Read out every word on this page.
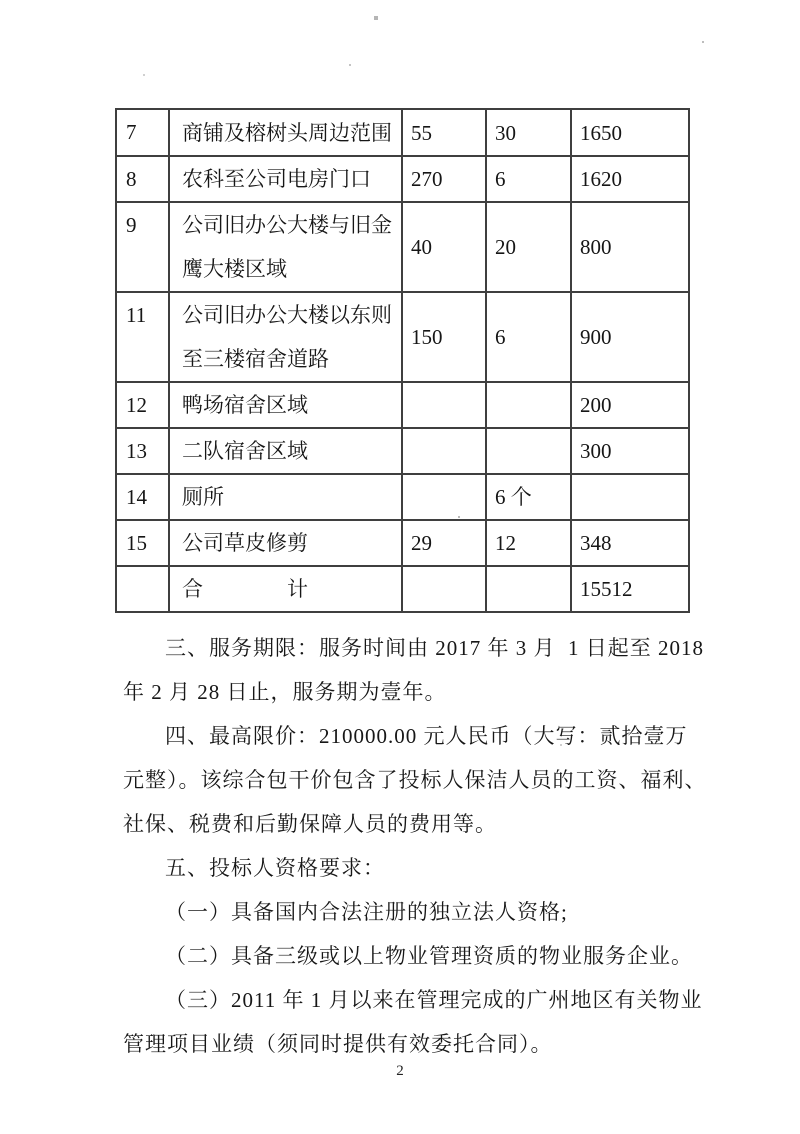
7	商铺及榕树头周边范围	55	30	1650
8	农科至公司电房门口	270	6	1620
9	公司旧办公大楼与旧金鹰大楼区域	40	20	800
11	公司旧办公大楼以东则至三楼宿舍道路	150	6	900
12	鸭场宿舍区域			200
13	二队宿舍区域			300
14	厕所		6 个	
15	公司草皮修剪	29	12	348
	合　　　　计			15512
三、服务期限：服务时间由 2017 年 3 月  1 日起至 2018
年 2 月 28 日止，服务期为壹年。
四、最高限价：210000.00 元人民币（大写：贰拾壹万
元整）。该综合包干价包含了投标人保洁人员的工资、福利、
社保、税费和后勤保障人员的费用等。
五、投标人资格要求：
（一）具备国内合法注册的独立法人资格;
（二）具备三级或以上物业管理资质的物业服务企业。
（三）2011 年 1 月以来在管理完成的广州地区有关物业
管理项目业绩（须同时提供有效委托合同）。
2
